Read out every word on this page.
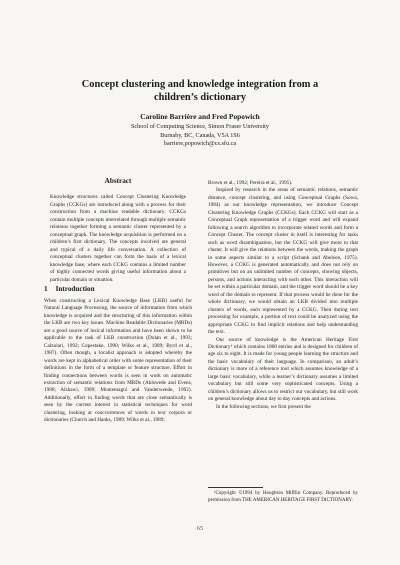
Concept clustering and knowledge integration from a
children’s dictionary
Caroline Barrière and Fred Popowich
School of Computing Science, Simon Fraser University
Burnaby, BC, Canada, V5A 1S6
barriere,popowich@cs.sfu.ca
Abstract
Knowledge structures called Concept Clustering Knowledge Graphs (CCKGs) are introduced along with a process for their construction from a machine readable dictionary. CCKGs contain multiple concepts interrelated through multiple semantic relations together forming a semantic cluster represented by a conceptual graph. The knowledge acquisition is performed on a children’s first dictionary. The concepts involved are general and typical of a daily life conversation. A collection of conceptual clusters together can form the basis of a lexical knowledge base, where each CCKG contains a limited number of highly connected words giving useful information about a particular domain or situation.
1 Introduction
When constructing a Lexical Knowledge Base (LKB) useful for Natural Language Processing, the source of information from which knowledge is acquired and the structuring of this information within the LKB are two key issues. Machine Readable Dictionaries (MRDs) are a good source of lexical information and have been shown to be applicable to the task of LKB construction (Dolan et al., 1993; Calzolari, 1992; Copestake, 1990; Wilks et al., 1989; Byrd et al., 1987). Often though, a localist approach is adopted whereby the words are kept in alphabetical order with some representation of their definitions in the form of a template or feature structure. Effort in finding connections between words is seen in work on automatic extraction of semantic relations from MRDs (Ahlswede and Evens, 1988; Alshawi, 1989; Montemagni and Vanderwende, 1992). Additionally, effort in finding words that are close semantically is seen by the current interest in statistical techniques for word clustering, looking at cooccurrences of words in text corpora or dictionaries (Church and Hanks, 1989; Wilks et al., 1989;

Brown et al., 1992; Pereira et al., 1995).

Inspired by research in the areas of semantic relations, semantic distance, concept clustering, and using Conceptual Graphs (Sowa, 1984) as our knowledge representation, we introduce Concept Clustering Knowledge Graphs (CCKGs). Each CCKG will start as a Conceptual Graph representation of a trigger word and will expand following a search algorithm to incorporate related words and form a Concept Cluster. The concept cluster in itself is interesting for tasks such as word disambiguation, but the CCKG will give more to that cluster. It will give the relations between the words, making the graph in some aspects similar to a script (Schank and Abelson, 1975). However, a CCKG is generated automatically and does not rely on primitives but on an unlimited number of concepts, showing objects, persons, and actions interacting with each other. This interaction will be set within a particular domain, and the trigger word should be a key word of the domain to represent. If that process would be done for the whole dictionary, we would obtain an LKB divided into multiple clusters of words, each represented by a CCKG. Then during text processing for example, a portion of text could be analyzed using the appropriate CCKG to find implicit relations and help understanding the text.

Our source of knowledge is the American Heritage First Dictionary¹ which contains 1800 entries and is designed for children of age six to eight. It is made for young people learning the structure and the basic vocabulary of their language. In comparison, an adult’s dictionary is more of a reference tool which assumes knowledge of a large basic vocabulary, while a learner’s dictionary assumes a limited vocabulary but still some very sophisticated concepts. Using a children’s dictionary allows us to restrict our vocabulary, but still work on general knowledge about day to day concepts and actions.

In the following sections, we first present the

¹Copyright ©1994 by Houghton Mifflin Company. Reproduced by permission from THE AMERICAN HERITAGE FIRST DICTIONARY.

65
